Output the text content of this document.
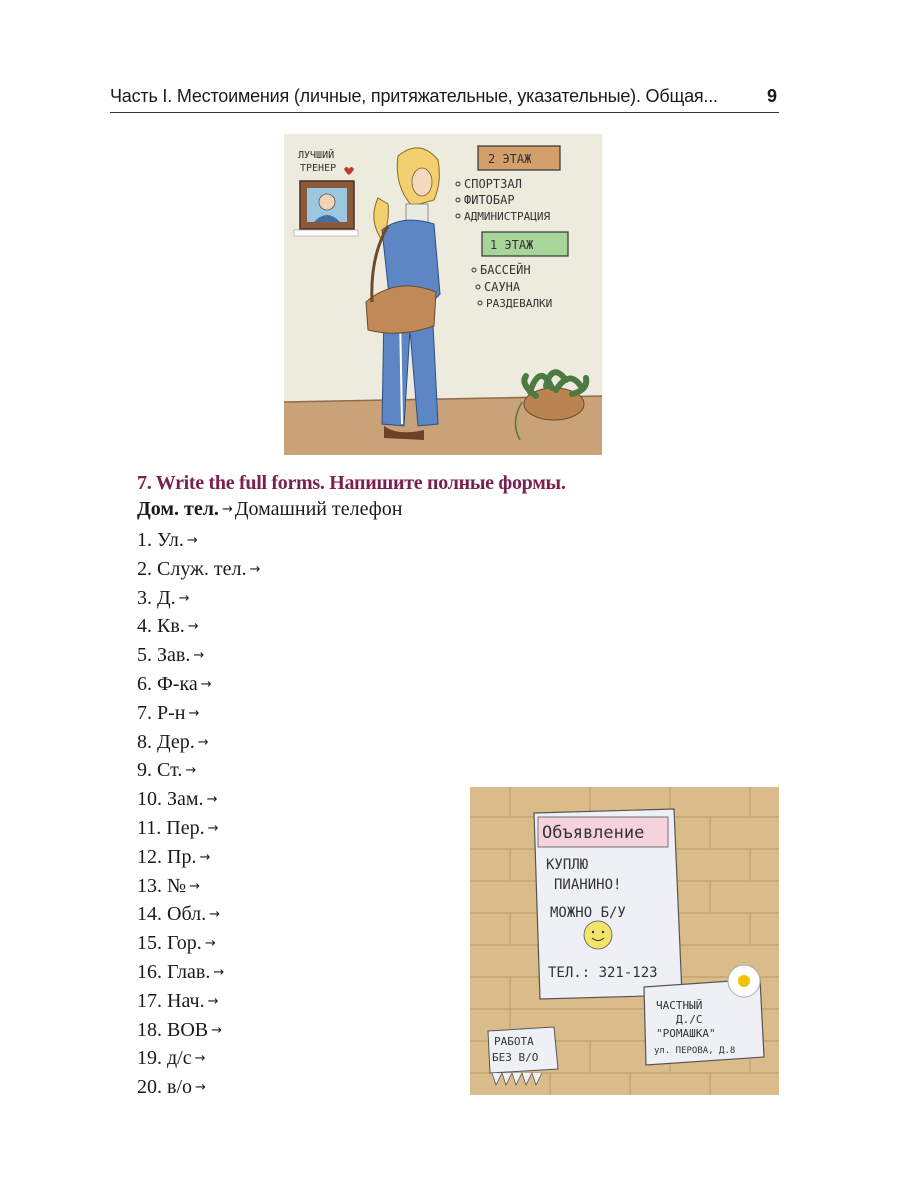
Часть I. Местоимения (личные, притяжательные, указательные). Общая...	9
ЛУЧШИЙ
ТРЕНЕР
2 ЭТАЖ
СПОРТЗАЛ
ФИТОБАР
АДМИНИСТРАЦИЯ
1 ЭТАЖ
БАССЕЙН
САУНА
РАЗДЕВАЛКИ
7. Write the full forms. Напишите полные формы.
Дом. тел. → Домашний телефон
1. Ул. →
2. Служ. тел. →
3. Д. →
4. Кв. →
5. Зав. →
6. Ф-ка →
7. Р-н →
8. Дер. →
9. Ст. →
10. Зам. →
11. Пер. →
12. Пр. →
13. № →
14. Обл. →
15. Гор. →
16. Глав. →
17. Нач. →
18. ВОВ →
19. д/с →
20. в/о →
Объявление
КУПЛЮ
ПИАНИНО!
МОЖНО Б/У
ТЕЛ.: 321-123
ЧАСТНЫЙ
Д./С
"РОМАШКА"
ул. ПЕРОВА, Д.8
РАБОТА
БЕЗ В/О
